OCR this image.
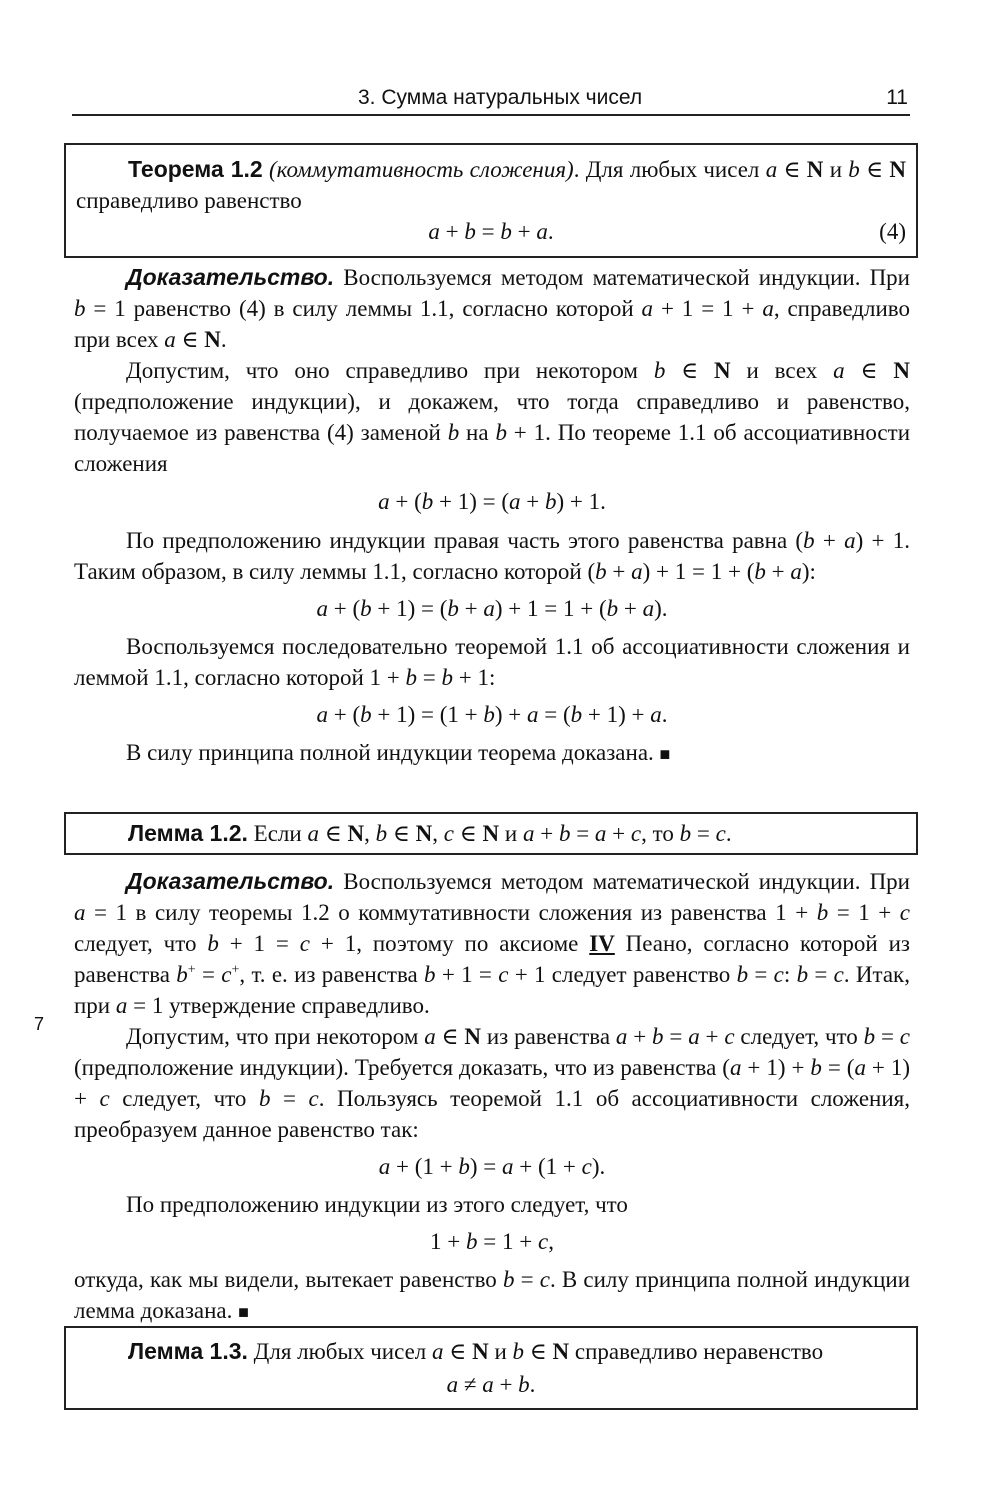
3. Сумма натуральных чисел	11
7
Теорема 1.2 (коммутативность сложения). Для любых чисел a ∈ N и b ∈ N справедливо равенство
a + b = b + a.	(4)
Доказательство. Воспользуемся методом математической индукции. При b = 1 равенство (4) в силу леммы 1.1, согласно которой a + 1 = 1 + a, справедливо при всех a ∈ N.
Допустим, что оно справедливо при некотором b ∈ N и всех a ∈ N (предположение индукции), и докажем, что тогда справедливо и равенство, получаемое из равенства (4) заменой b на b + 1. По теореме 1.1 об ассоциативности сложения
a + (b + 1) = (a + b) + 1.
По предположению индукции правая часть этого равенства равна (b + a) + 1. Таким образом, в силу леммы 1.1, согласно которой (b + a) + 1 = 1 + (b + a):
a + (b + 1) = (b + a) + 1 = 1 + (b + a).
Воспользуемся последовательно теоремой 1.1 об ассоциативности сложения и леммой 1.1, согласно которой 1 + b = b + 1:
a + (b + 1) = (1 + b) + a = (b + 1) + a.
В силу принципа полной индукции теорема доказана. ■
Лемма 1.2. Если a ∈ N, b ∈ N, c ∈ N и a + b = a + c, то b = c.
Доказательство. Воспользуемся методом математической индукции. При a = 1 в силу теоремы 1.2 о коммутативности сложения из равенства 1 + b = 1 + c следует, что b + 1 = c + 1, поэтому по аксиоме IV Пеано, согласно которой из равенства b+ = c+, т. е. из равенства b + 1 = c + 1 следует равенство b = c: b = c. Итак, при a = 1 утверждение справедливо.
Допустим, что при некотором a ∈ N из равенства a + b = a + c следует, что b = c (предположение индукции). Требуется доказать, что из равенства (a + 1) + b = (a + 1) + c следует, что b = c. Пользуясь теоремой 1.1 об ассоциативности сложения, преобразуем данное равенство так:
a + (1 + b) = a + (1 + c).
По предположению индукции из этого следует, что
1 + b = 1 + c,
откуда, как мы видели, вытекает равенство b = c. В силу принципа полной индукции лемма доказана. ■
Лемма 1.3. Для любых чисел a ∈ N и b ∈ N справедливо неравенство
a ≠ a + b.
